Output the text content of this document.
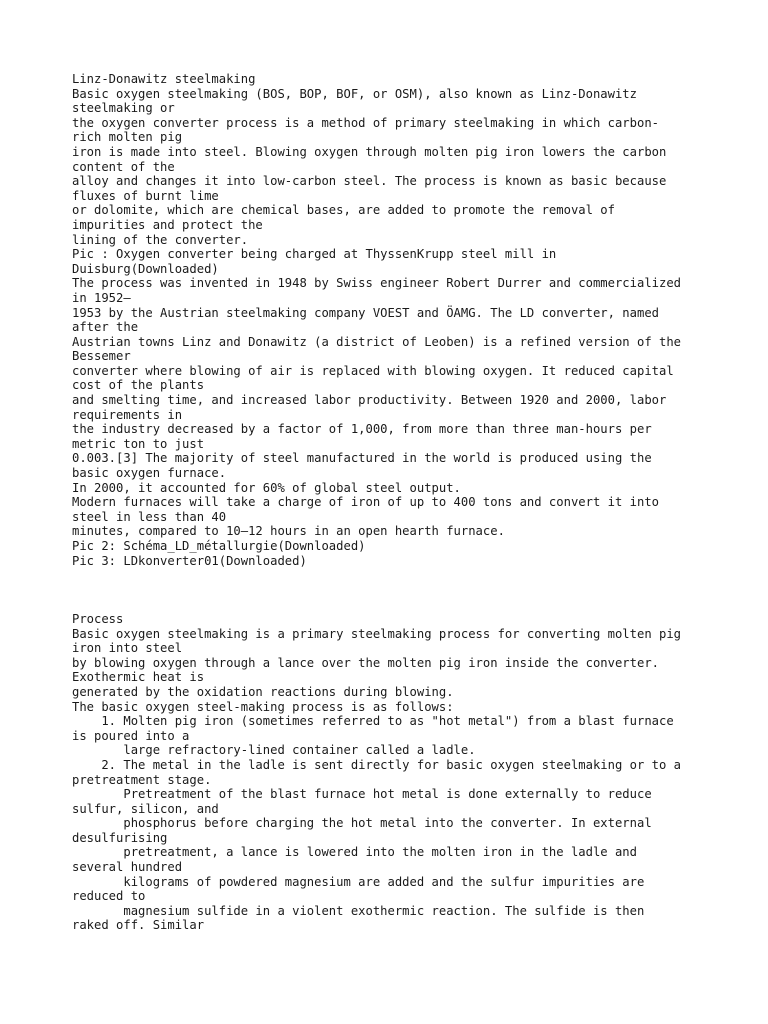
Linz-Donawitz steelmaking
Basic oxygen steelmaking (BOS, BOP, BOF, or OSM), also known as Linz-Donawitz
steelmaking or
the oxygen converter process is a method of primary steelmaking in which carbon-
rich molten pig
iron is made into steel. Blowing oxygen through molten pig iron lowers the carbon
content of the
alloy and changes it into low-carbon steel. The process is known as basic because
fluxes of burnt lime
or dolomite, which are chemical bases, are added to promote the removal of
impurities and protect the
lining of the converter.
Pic : Oxygen converter being charged at ThyssenKrupp steel mill in
Duisburg(Downloaded)
The process was invented in 1948 by Swiss engineer Robert Durrer and commercialized
in 1952–
1953 by the Austrian steelmaking company VOEST and ÖAMG. The LD converter, named
after the
Austrian towns Linz and Donawitz (a district of Leoben) is a refined version of the
Bessemer
converter where blowing of air is replaced with blowing oxygen. It reduced capital
cost of the plants
and smelting time, and increased labor productivity. Between 1920 and 2000, labor
requirements in
the industry decreased by a factor of 1,000, from more than three man-hours per
metric ton to just
0.003.[3] The majority of steel manufactured in the world is produced using the
basic oxygen furnace.
In 2000, it accounted for 60% of global steel output.
Modern furnaces will take a charge of iron of up to 400 tons and convert it into
steel in less than 40
minutes, compared to 10–12 hours in an open hearth furnace.
Pic 2: Schéma_LD_métallurgie(Downloaded)
Pic 3: LDkonverter01(Downloaded)
Process
Basic oxygen steelmaking is a primary steelmaking process for converting molten pig
iron into steel
by blowing oxygen through a lance over the molten pig iron inside the converter.
Exothermic heat is
generated by the oxidation reactions during blowing.
The basic oxygen steel-making process is as follows:
1. Molten pig iron (sometimes referred to as "hot metal") from a blast furnace
is poured into a
large refractory-lined container called a ladle.
2. The metal in the ladle is sent directly for basic oxygen steelmaking or to a
pretreatment stage.
Pretreatment of the blast furnace hot metal is done externally to reduce
sulfur, silicon, and
phosphorus before charging the hot metal into the converter. In external
desulfurising
pretreatment, a lance is lowered into the molten iron in the ladle and
several hundred
kilograms of powdered magnesium are added and the sulfur impurities are
reduced to
magnesium sulfide in a violent exothermic reaction. The sulfide is then
raked off. Similar
